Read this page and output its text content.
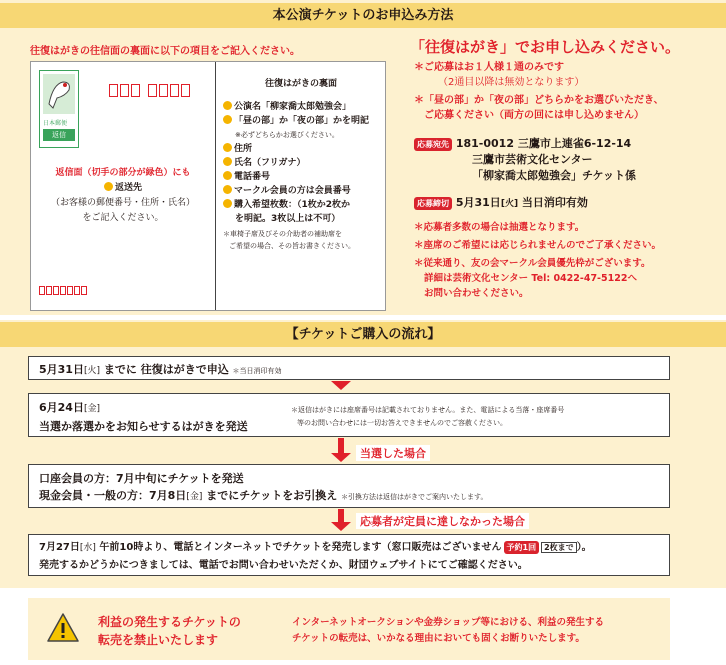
本公演チケットのお申込み方法
往復はがきの往信面の裏面に以下の項目をご記入ください。
日本郵便
返信
返信面（切手の部分が緑色）にも
返送先
（お客様の郵便番号・住所・氏名）
をご記入ください。
往復はがきの裏面
公演名「柳家喬太郎勉強会」
「昼の部」か「夜の部」かを明記
※必ずどちらかお選びください。
住所
氏名（フリガナ）
電話番号
マークル会員の方は会員番号
購入希望枚数：（1枚か2枚か
を明記。3枚以上は不可）
＊車椅子席及びその介助者の補助席を
ご希望の場合、その旨お書きください。
「往復はがき」でお申し込みください。
＊ご応募はお１人様１通のみです
（2通目以降は無効となります）
＊「昼の部」か「夜の部」どちらかをお選びいただき、
ご応募ください（両方の回には申し込めません）
応募宛先 181-0012 三鷹市上連雀6-12-14
三鷹市芸術文化センター
「柳家喬太郎勉強会」チケット係
応募締切 5月31日[火] 当日消印有効
＊応募者多数の場合は抽選となります。
＊座席のご希望には応じられませんのでご了承ください。
＊従来通り、友の会マークル会員優先枠がございます。
詳細は芸術文化センター Tel: 0422-47-5122へ
お問い合わせください。
【チケットご購入の流れ】
5月31日[火] までに 往復はがきで申込 ＊当日消印有効
6月24日[金]
当選か落選かをお知らせするはがきを発送
＊返信はがきには座席番号は記載されておりません。また、電話による当落・座席番号
等のお問い合わせには一切お答えできませんのでご容赦ください。
当選した場合
口座会員の方：7月中旬にチケットを発送
現金会員・一般の方：7月8日[金] までにチケットをお引換え ＊引換方法は返信はがきでご案内いたします。
応募者が定員に達しなかった場合
7月27日[水] 午前10時より、電話とインターネットでチケットを発売します（窓口販売はございません 予約1回 2枚まで ）。
発売するかどうかにつきましては、電話でお問い合わせいただくか、財団ウェブサイトにてご確認ください。
利益の発生するチケットの
転売を禁止いたします
インターネットオークションや金券ショップ等における、利益の発生する
チケットの転売は、いかなる理由においても固くお断りいたします。
